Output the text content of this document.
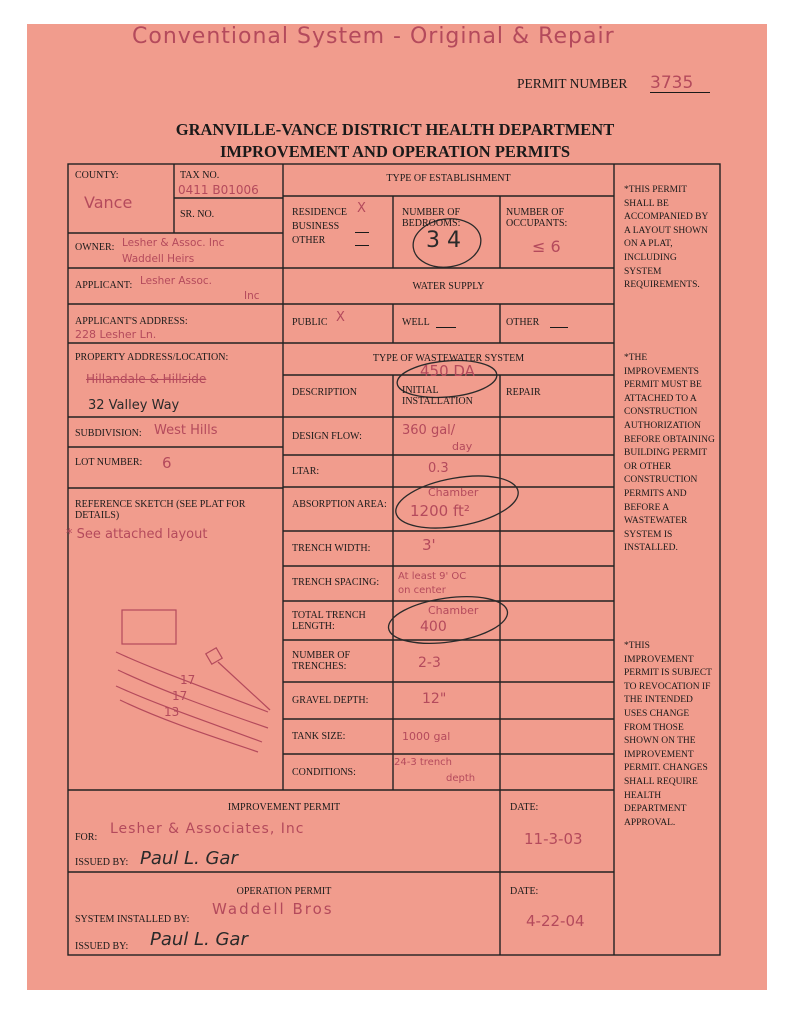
17
17
13
Conventional System - Original & Repair
PERMIT NUMBER 3735
GRANVILLE-VANCE DISTRICT HEALTH DEPARTMENT
IMPROVEMENT AND OPERATION PERMITS
COUNTY:
Vance
TAX NO.
0411 B01006
SR. NO.
OWNER: Lesher & Assoc. Inc
Waddell Heirs
APPLICANT: Lesher Assoc.
Inc
APPLICANT'S ADDRESS:
228 Lesher Ln.
PROPERTY ADDRESS/LOCATION:
Hillandale & Hillside
32 Valley Way
SUBDIVISION: West Hills
LOT NUMBER: 6
REFERENCE SKETCH (SEE PLAT FOR DETAILS)
* See attached layout
TYPE OF ESTABLISHMENT
RESIDENCE X
BUSINESS
OTHER
NUMBER OF BEDROOMS:
3 4
NUMBER OF OCCUPANTS:
≤ 6
WATER SUPPLY
PUBLIC X	WELL	OTHER
TYPE OF WASTEWATER SYSTEM
450 DA
DESCRIPTION	INITIAL INSTALLATION
REPAIR
DESIGN FLOW:	360 gal/
day
LTAR:	0.3
ABSORPTION AREA:
Chamber
1200 ft²
TRENCH WIDTH:	3'
TRENCH SPACING:
At least 9' OC
on center
TOTAL TRENCH LENGTH:
Chamber
400
NUMBER OF TRENCHES:	2-3
GRAVEL DEPTH:	12"
TANK SIZE:	1000 gal
CONDITIONS:
24-3 trench
depth
IMPROVEMENT PERMIT
FOR:
Lesher & Associates, Inc
ISSUED BY: Paul L. Gar
DATE:
11-3-03
OPERATION PERMIT
SYSTEM INSTALLED BY:
Waddell Bros
ISSUED BY: Paul L. Gar
DATE:
4-22-04
*THIS PERMIT SHALL BE ACCOMPANIED BY A LAYOUT SHOWN ON A PLAT, INCLUDING SYSTEM REQUIREMENTS.
*THE IMPROVEMENTS PERMIT MUST BE ATTACHED TO A CONSTRUCTION AUTHORIZATION BEFORE OBTAINING BUILDING PERMIT OR OTHER CONSTRUCTION PERMITS AND BEFORE A WASTEWATER SYSTEM IS INSTALLED.
*THIS IMPROVEMENT PERMIT IS SUBJECT TO REVOCATION IF THE INTENDED USES CHANGE FROM THOSE SHOWN ON THE IMPROVEMENT PERMIT. CHANGES SHALL REQUIRE HEALTH DEPARTMENT APPROVAL.
